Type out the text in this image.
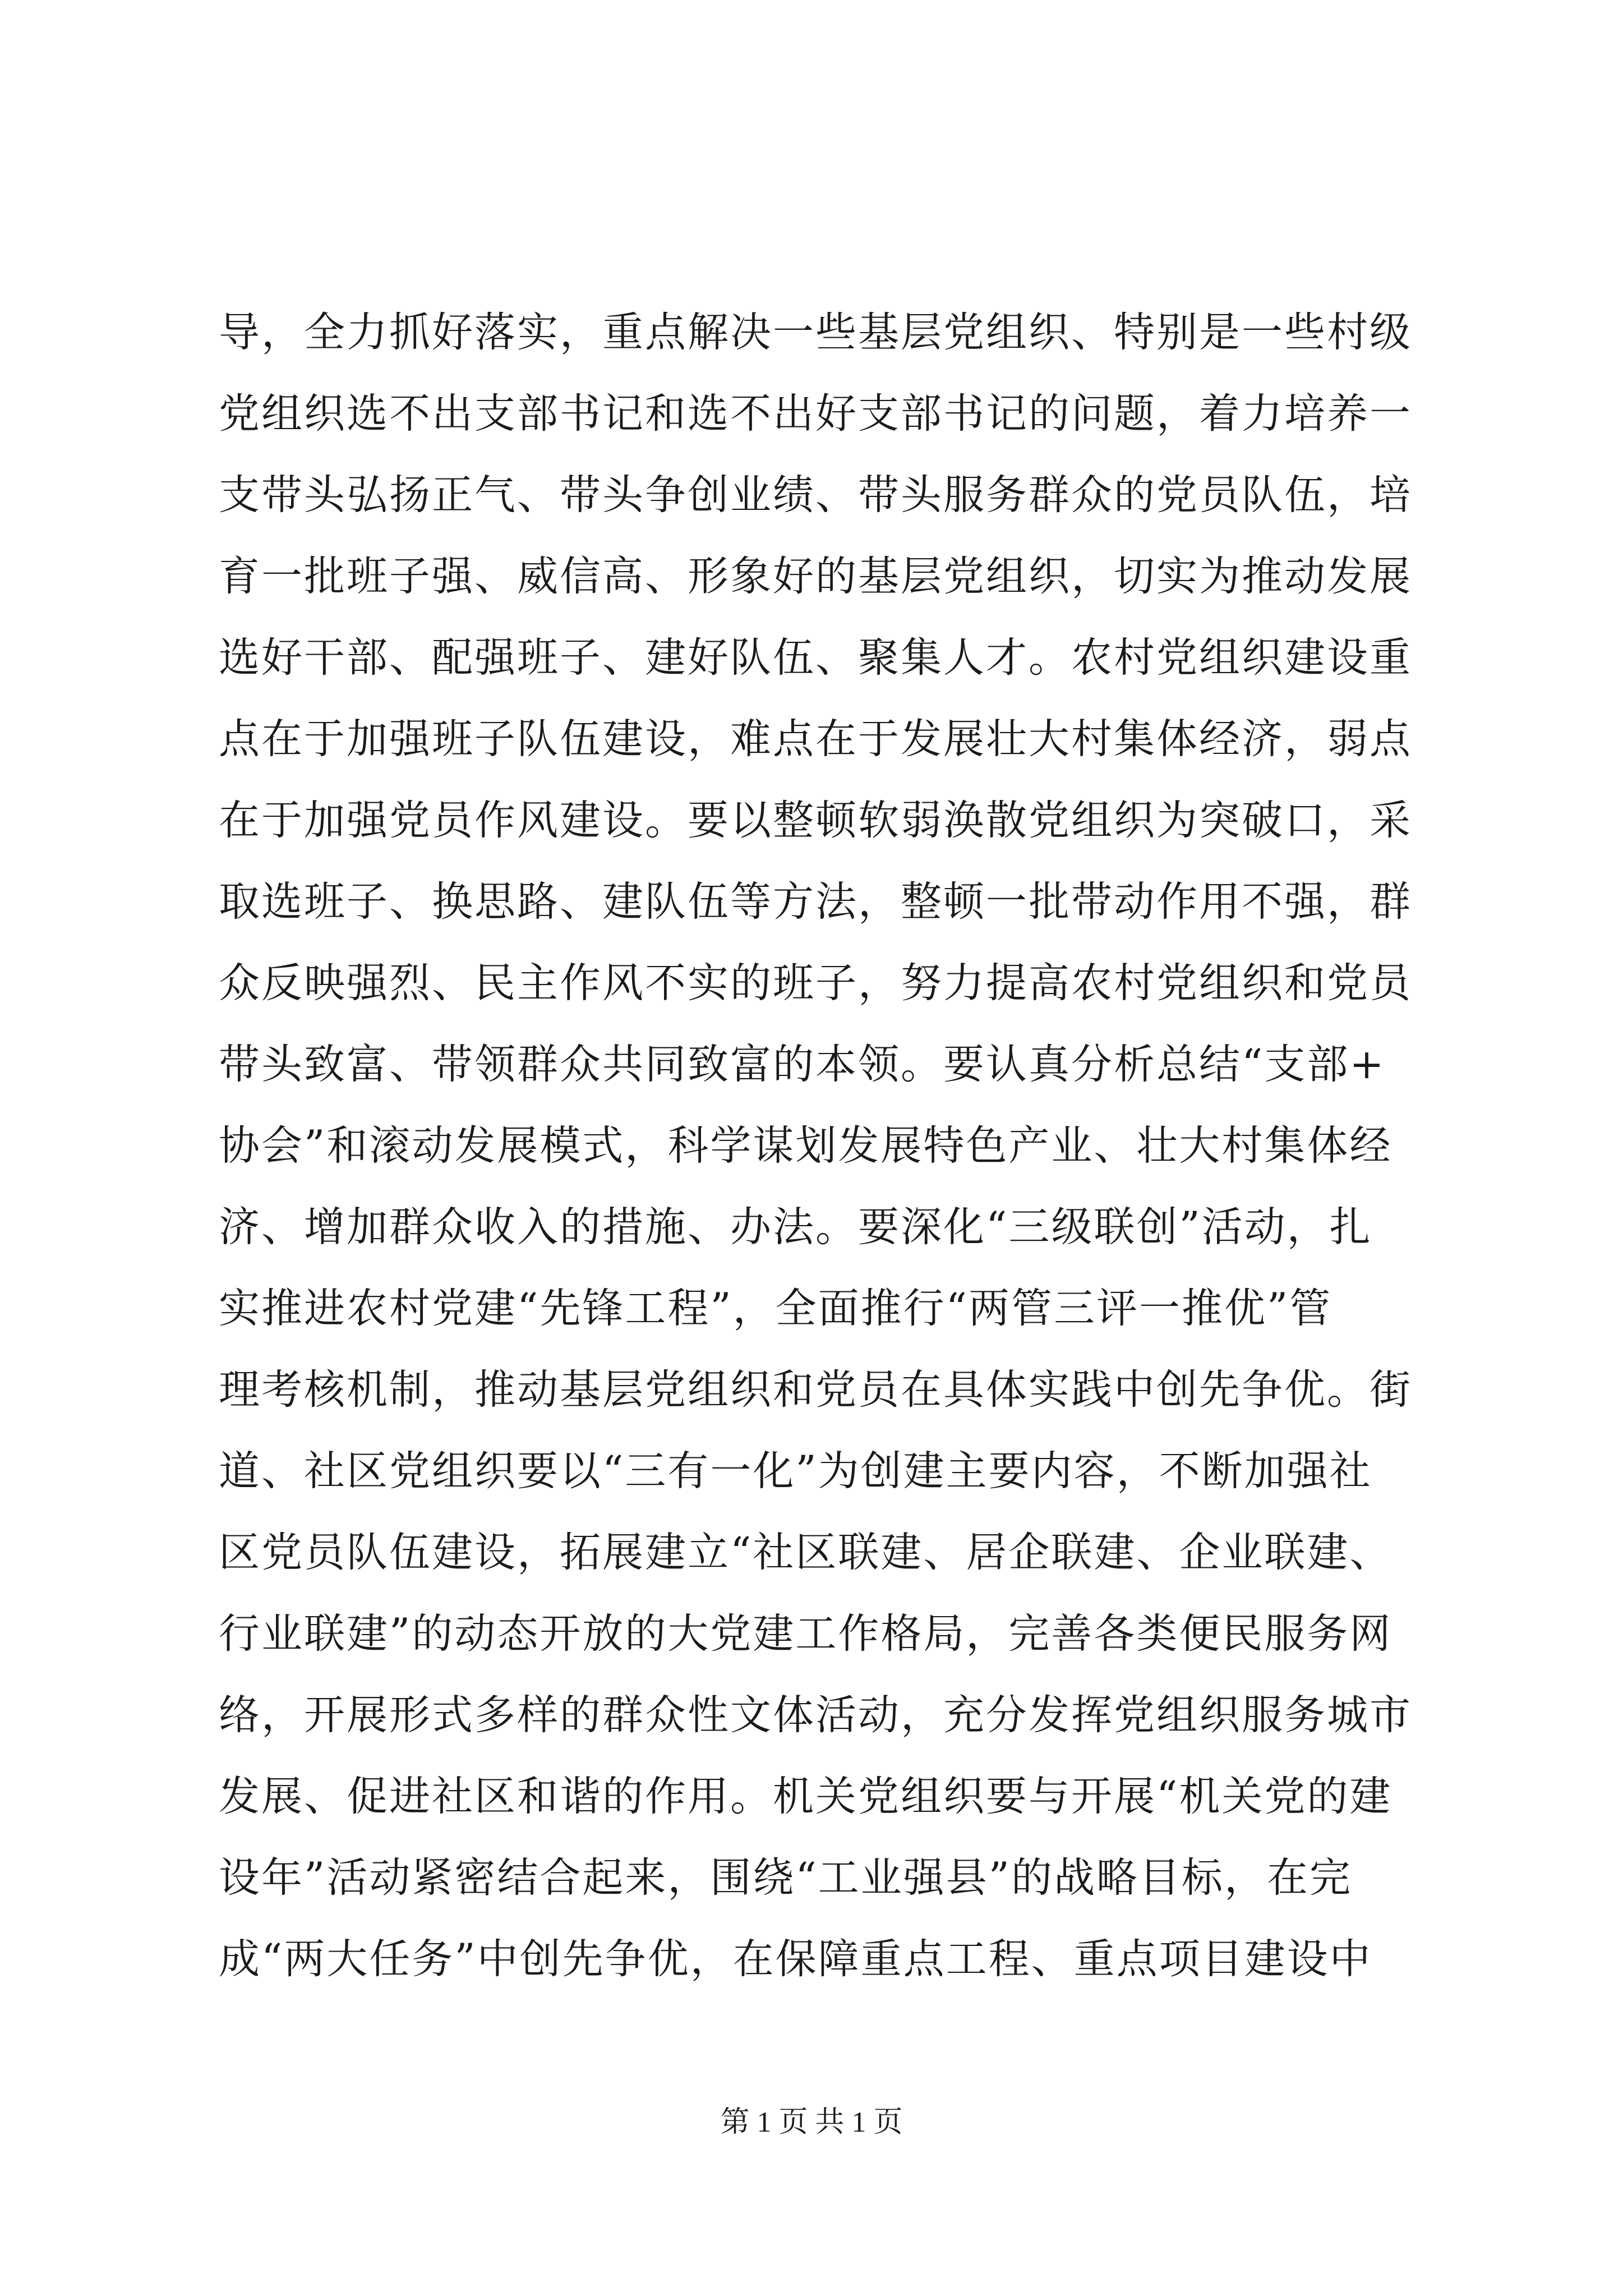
导，全力抓好落实，重点解决一些基层党组织、特别是一些村级
党组织选不出支部书记和选不出好支部书记的问题，着力培养一
支带头弘扬正气、带头争创业绩、带头服务群众的党员队伍，培
育一批班子强、威信高、形象好的基层党组织，切实为推动发展
选好干部、配强班子、建好队伍、聚集人才。农村党组织建设重
点在于加强班子队伍建设，难点在于发展壮大村集体经济，弱点
在于加强党员作风建设。要以整顿软弱涣散党组织为突破口，采
取选班子、换思路、建队伍等方法，整顿一批带动作用不强，群
众反映强烈、民主作风不实的班子，努力提高农村党组织和党员
带头致富、带领群众共同致富的本领。要认真分析总结“支部+
协会”和滚动发展模式，科学谋划发展特色产业、壮大村集体经
济、增加群众收入的措施、办法。要深化“三级联创”活动，扎
实推进农村党建“先锋工程”，全面推行“两管三评一推优”管
理考核机制，推动基层党组织和党员在具体实践中创先争优。街
道、社区党组织要以“三有一化”为创建主要内容，不断加强社
区党员队伍建设，拓展建立“社区联建、居企联建、企业联建、
行业联建”的动态开放的大党建工作格局，完善各类便民服务网
络，开展形式多样的群众性文体活动，充分发挥党组织服务城市
发展、促进社区和谐的作用。机关党组织要与开展“机关党的建
设年”活动紧密结合起来，围绕“工业强县”的战略目标，在完
成“两大任务”中创先争优，在保障重点工程、重点项目建设中
第 1 页 共 1 页
